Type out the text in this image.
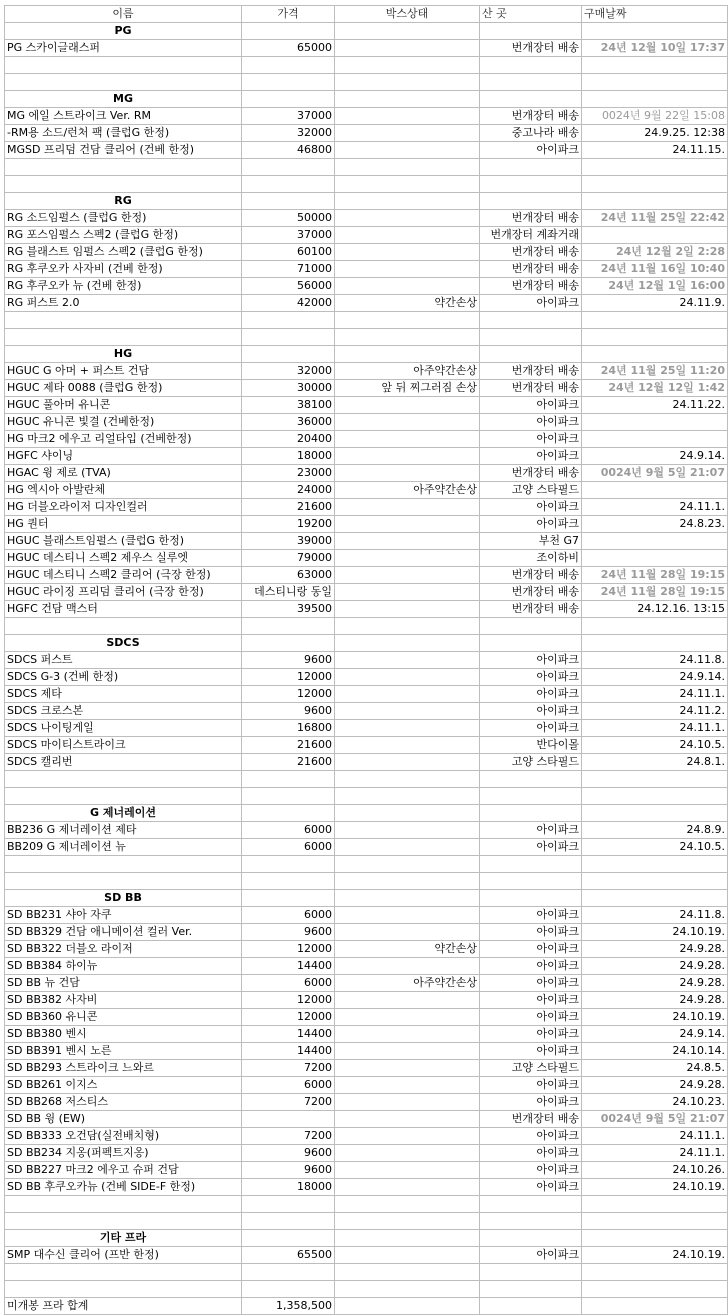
이름	가격	박스상태	산 곳	구매날짜
PG				
PG 스카이글래스퍼	65000		번개장터 배송	24년 12월 10일 17:37

MG				
MG 에일 스트라이크 Ver. RM	37000		번개장터 배송	0024년 9월 22일 15:08
-RM용 소드/런처 팩 (클럽G 한정)	32000		중고나라 배송	24.9.25. 12:38
MGSD 프리덤 건담 클리어 (건베 한정)	46800		아이파크	24.11.15.

RG				
RG 소드임펄스 (클럽G 한정)	50000		번개장터 배송	24년 11월 25일 22:42
RG 포스임펄스 스펙2 (클럽G 한정)	37000		번개장터 계좌거래	
RG 블래스트 임펄스 스펙2 (클럽G 한정)	60100		번개장터 배송	24년 12월 2일 2:28
RG 후쿠오카 사자비 (건베 한정)	71000		번개장터 배송	24년 11월 16일 10:40
RG 후쿠오카 뉴 (건베 한정)	56000		번개장터 배송	24년 12월 1일 16:00
RG 퍼스트 2.0	42000	약간손상	아이파크	24.11.9.

HG				
HGUC G 아머 + 퍼스트 건담	32000	아주약간손상	번개장터 배송	24년 11월 25일 11:20
HGUC 제타 0088 (클럽G 한정)	30000	앞 뒤 찌그러짐 손상	번개장터 배송	24년 12월 12일 1:42
HGUC 풀아머 유니콘	38100		아이파크	24.11.22.
HGUC 유니콘 빛결 (건베한정)	36000		아이파크	
HG 마크2 에우고 리얼타입 (건베한정)	20400		아이파크	
HGFC 샤이닝	18000		아이파크	24.9.14.
HGAC 윙 제로 (TVA)	23000		번개장터 배송	0024년 9월 5일 21:07
HG 엑시아 아발란체	24000	아주약간손상	고양 스타필드	
HG 더블오라이저 디자인컬러	21600		아이파크	24.11.1.
HG 퀀터	19200		아이파크	24.8.23.
HGUC 블래스트임펄스 (클럽G 한정)	39000		부천 G7	
HGUC 데스티니 스펙2 제우스 실루엣	79000		조이하비	
HGUC 데스티니 스펙2 클리어 (극장 한정)	63000		번개장터 배송	24년 11월 28일 19:15
HGUC 라이징 프리덤 클리어 (극장 한정)	데스티니랑 동일		번개장터 배송	24년 11월 28일 19:15
HGFC 건담 맥스터	39500		번개장터 배송	24.12.16. 13:15

SDCS				
SDCS 퍼스트	9600		아이파크	24.11.8.
SDCS G-3 (건베 한정)	12000		아이파크	24.9.14.
SDCS 제타	12000		아이파크	24.11.1.
SDCS 크로스본	9600		아이파크	24.11.2.
SDCS 나이팅게일	16800		아이파크	24.11.1.
SDCS 마이티스트라이크	21600		반다이몰	24.10.5.
SDCS 캘리번	21600		고양 스타필드	24.8.1.

G 제너레이션				
BB236 G 제너레이션 제타	6000		아이파크	24.8.9.
BB209 G 제너레이션 뉴	6000		아이파크	24.10.5.

SD BB				
SD BB231 샤아 자쿠	6000		아이파크	24.11.8.
SD BB329 건담 애니메이션 컬러 Ver.	9600		아이파크	24.10.19.
SD BB322 더블오 라이저	12000	약간손상	아이파크	24.9.28.
SD BB384 하이뉴	14400		아이파크	24.9.28.
SD BB 뉴 건담	6000	아주약간손상	아이파크	24.9.28.
SD BB382 사자비	12000		아이파크	24.9.28.
SD BB360 유니콘	12000		아이파크	24.10.19.
SD BB380 벤시	14400		아이파크	24.9.14.
SD BB391 벤시 노른	14400		아이파크	24.10.14.
SD BB293 스트라이크 느와르	7200		고양 스타필드	24.8.5.
SD BB261 이지스	6000		아이파크	24.9.28.
SD BB268 저스티스	7200		아이파크	24.10.23.
SD BB 윙 (EW)			번개장터 배송	0024년 9월 5일 21:07
SD BB333 오건담(실전배치형)	7200		아이파크	24.11.1.
SD BB234 지옹(퍼펙트지옹)	9600		아이파크	24.11.1.
SD BB227 마크2 에우고 슈퍼 건담	9600		아이파크	24.10.26.
SD BB 후쿠오카뉴 (건베 SIDE-F 한정)	18000		아이파크	24.10.19.

기타 프라				
SMP 대수신 클리어 (프반 한정)	65500		아이파크	24.10.19.

미개봉 프라 합계	1,358,500			
